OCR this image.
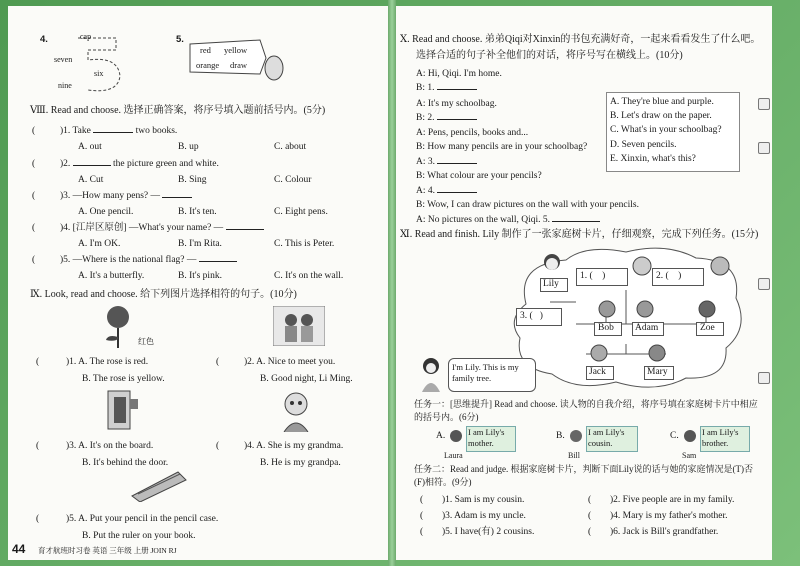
4.	cap
seven
six
nine
5.
red yellow
orange draw
Ⅷ. Read and choose. 选择正确答案，将序号填入题前括号内。(5分)
(	)1. Take	two books.
A. out	B. up	C. about
(	)2.	the picture green and white.
A. Cut	B. Sing	C. Colour
(	)3. —How many pens? —
A. One pencil.	B. It's ten.	C. Eight pens.
(	)4. [江岸区原创] —What's your name? —
A. I'm OK.	B. I'm Rita.	C. This is Peter.
(	)5. —Where is the national flag? —
A. It's a butterfly.	B. It's pink.	C. It's on the wall.
Ⅸ. Look, read and choose. 给下列图片选择相符的句子。(10分)
红色
(	)1. A. The rose is red.
B. The rose is yellow.
(	)2. A. Nice to meet you.
B. Good night, Li Ming.
(	)3. A. It's on the board.
B. It's behind the door.
(	)4. A. She is my grandma.
B. He is my grandpa.
(	)5. A. Put your pencil in the pencil case.
B. Put the ruler on your book.
44 育才航班时习卷 英语 三年级 上册 JOIN RJ
Ⅹ. Read and choose. 弟弟Qiqi对Xinxin的书包充满好奇，一起来看看发生了什么吧。
选择合适的句子补全他们的对话，将序号写在横线上。(10分)
A: Hi, Qiqi. I'm home.
B: 1.
A: It's my schoolbag.
B: 2.
A: Pens, pencils, books and...
B: How many pencils are in your schoolbag?
A: 3.
B: What colour are your pencils?
A: 4.
B: Wow, I can draw pictures on the wall with your pencils.
A: No pictures on the wall, Qiqi. 5.
A. They're blue and purple.
B. Let's draw on the paper.
C. What's in your schoolbag?
D. Seven pencils.
E. Xinxin, what's this?
Ⅺ. Read and finish. Lily 制作了一张家庭树卡片，仔细观察，完成下列任务。(15分)
Lily
1. ( )	2. ( )
3. ( )
Bob Adam	Zoe
Jack	Mary
I'm Lily. This is my family tree.
任务一：[思维提升] Read and choose. 读人物的自我介绍，将序号填在家庭树卡片中相应的括号内。(6分)
A.	I am Lily's mother.
Laura
B.	I am Lily's cousin.
Bill
C.	I am Lily's brother.
Sam
任务二：Read and judge. 根据家庭树卡片，判断下面Lily说的话与她的家庭情况是(T)否(F)相符。(9分)
( )1. Sam is my cousin.	( )2. Five people are in my family.
( )3. Adam is my uncle.	( )4. Mary is my father's mother.
( )5. I have(有) 2 cousins.	( )6. Jack is Bill's grandfather.
